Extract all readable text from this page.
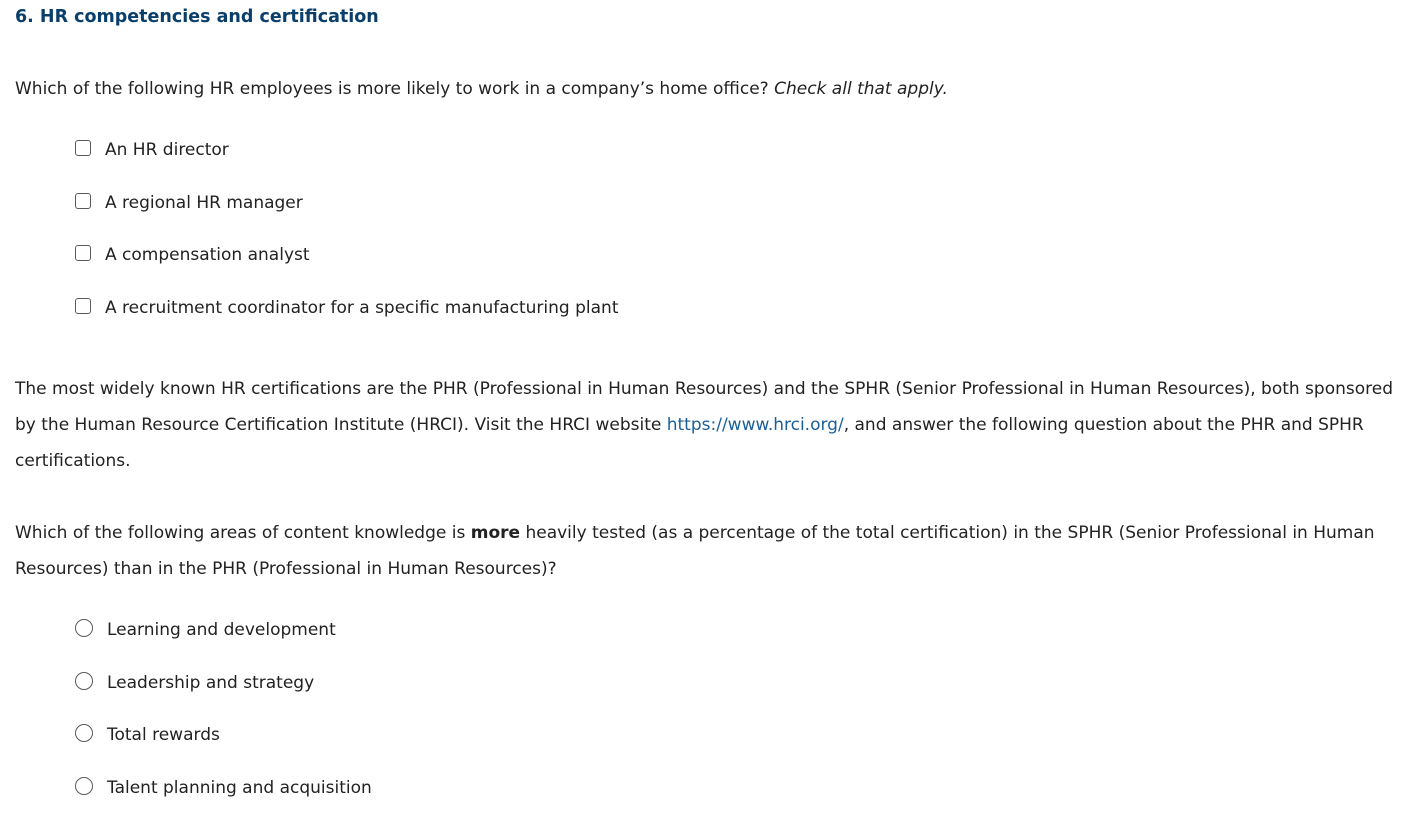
6. HR competencies and certification
Which of the following HR employees is more likely to work in a company’s home office? Check all that apply.
An HR director
A regional HR manager
A compensation analyst
A recruitment coordinator for a specific manufacturing plant
The most widely known HR certifications are the PHR (Professional in Human Resources) and the SPHR (Senior Professional in Human Resources), both sponsored by the Human Resource Certification Institute (HRCI). Visit the HRCI website https://www.hrci.org/, and answer the following question about the PHR and SPHR certifications.
Which of the following areas of content knowledge is more heavily tested (as a percentage of the total certification) in the SPHR (Senior Professional in Human Resources) than in the PHR (Professional in Human Resources)?
Learning and development
Leadership and strategy
Total rewards
Talent planning and acquisition
